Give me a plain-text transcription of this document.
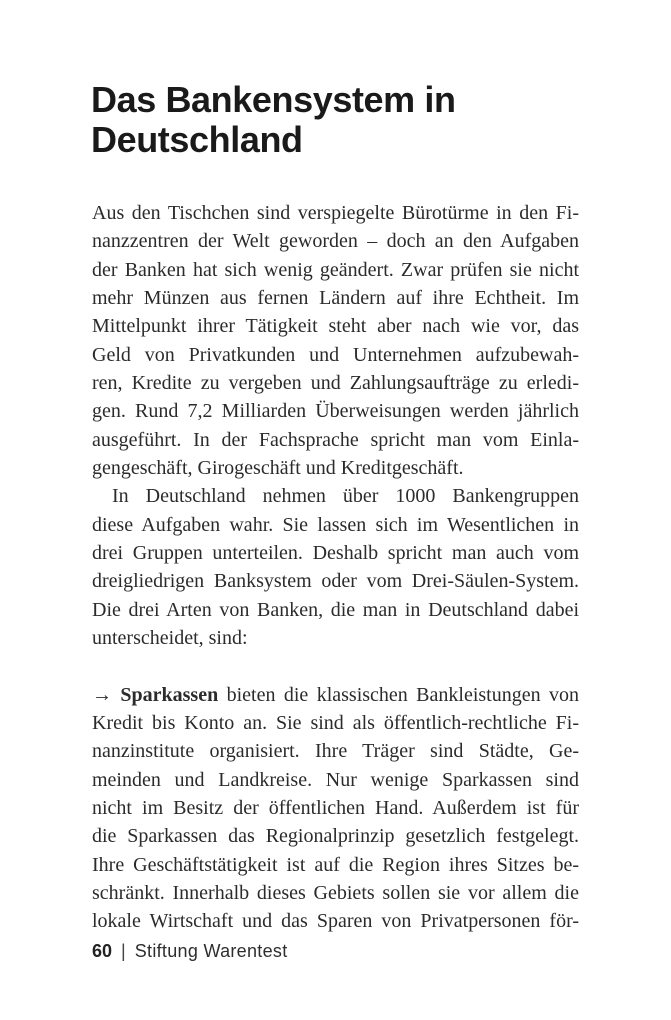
Das Bankensystem in
Deutschland
Aus den Tischchen sind verspiegelte Bürotürme in den Fi-
nanzzentren der Welt geworden – doch an den Aufgaben
der Banken hat sich wenig geändert. Zwar prüfen sie nicht
mehr Münzen aus fernen Ländern auf ihre Echtheit. Im
Mittelpunkt ihrer Tätigkeit steht aber nach wie vor, das
Geld von Privatkunden und Unternehmen aufzubewah-
ren, Kredite zu vergeben und Zahlungsaufträge zu erledi-
gen. Rund 7,2 Milliarden Überweisungen werden jährlich
ausgeführt. In der Fachsprache spricht man vom Einla-
gengeschäft, Girogeschäft und Kreditgeschäft.
In Deutschland nehmen über 1000 Bankengruppen
diese Aufgaben wahr. Sie lassen sich im Wesentlichen in
drei Gruppen unterteilen. Deshalb spricht man auch vom
dreigliedrigen Banksystem oder vom Drei-Säulen-System.
Die drei Arten von Banken, die man in Deutschland dabei
unterscheidet, sind:
→ Sparkassen bieten die klassischen Bankleistungen von
Kredit bis Konto an. Sie sind als öffentlich-rechtliche Fi-
nanzinstitute organisiert. Ihre Träger sind Städte, Ge-
meinden und Landkreise. Nur wenige Sparkassen sind
nicht im Besitz der öffentlichen Hand. Außerdem ist für
die Sparkassen das Regionalprinzip gesetzlich festgelegt.
Ihre Geschäftstätigkeit ist auf die Region ihres Sitzes be-
schränkt. Innerhalb dieses Gebiets sollen sie vor allem die
lokale Wirtschaft und das Sparen von Privatpersonen för-
60 | Stiftung Warentest
